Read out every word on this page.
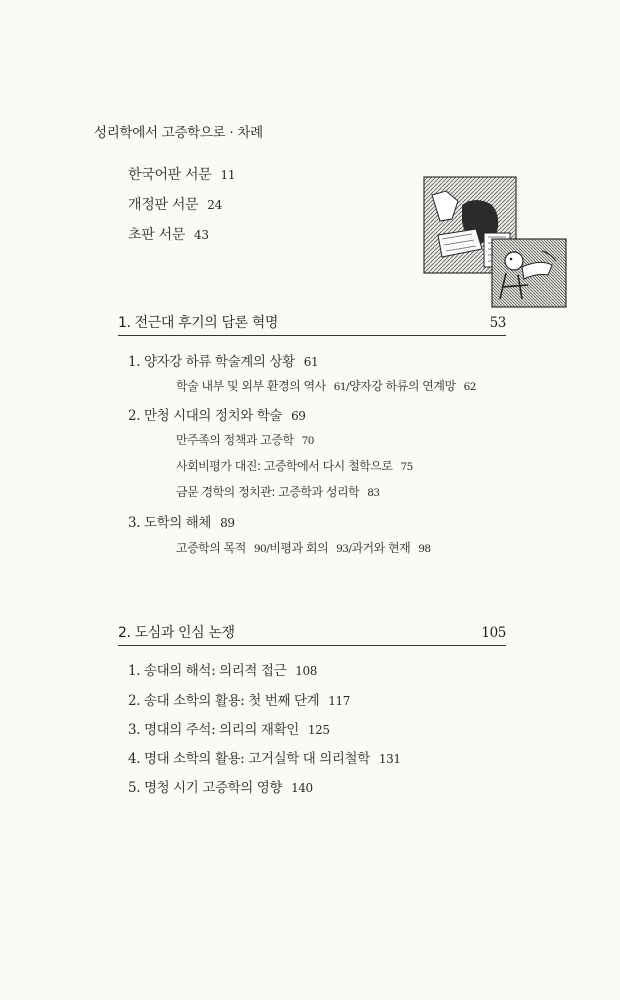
성리학에서 고증학으로 · 차례
한국어판 서문 11
개정판 서문 24
초판 서문 43
1. 전근대 후기의 담론 혁명	53
1. 양자강 하류 학술계의 상황 61
학술 내부 및 외부 환경의 역사 61/양자강 하류의 연계망 62
2. 만청 시대의 정치와 학술 69
만주족의 정책과 고증학 70
사회비평가 대진: 고증학에서 다시 철학으로 75
금문 경학의 정치관: 고증학과 성리학 83
3. 도학의 해체 89
고증학의 목적 90/비평과 회의 93/과거와 현재 98
2. 도심과 인심 논쟁	105
1. 송대의 해석: 의리적 접근 108
2. 송대 소학의 활용: 첫 번째 단계 117
3. 명대의 주석: 의리의 재확인 125
4. 명대 소학의 활용: 고거실학 대 의리철학 131
5. 명청 시기 고증학의 영향 140
